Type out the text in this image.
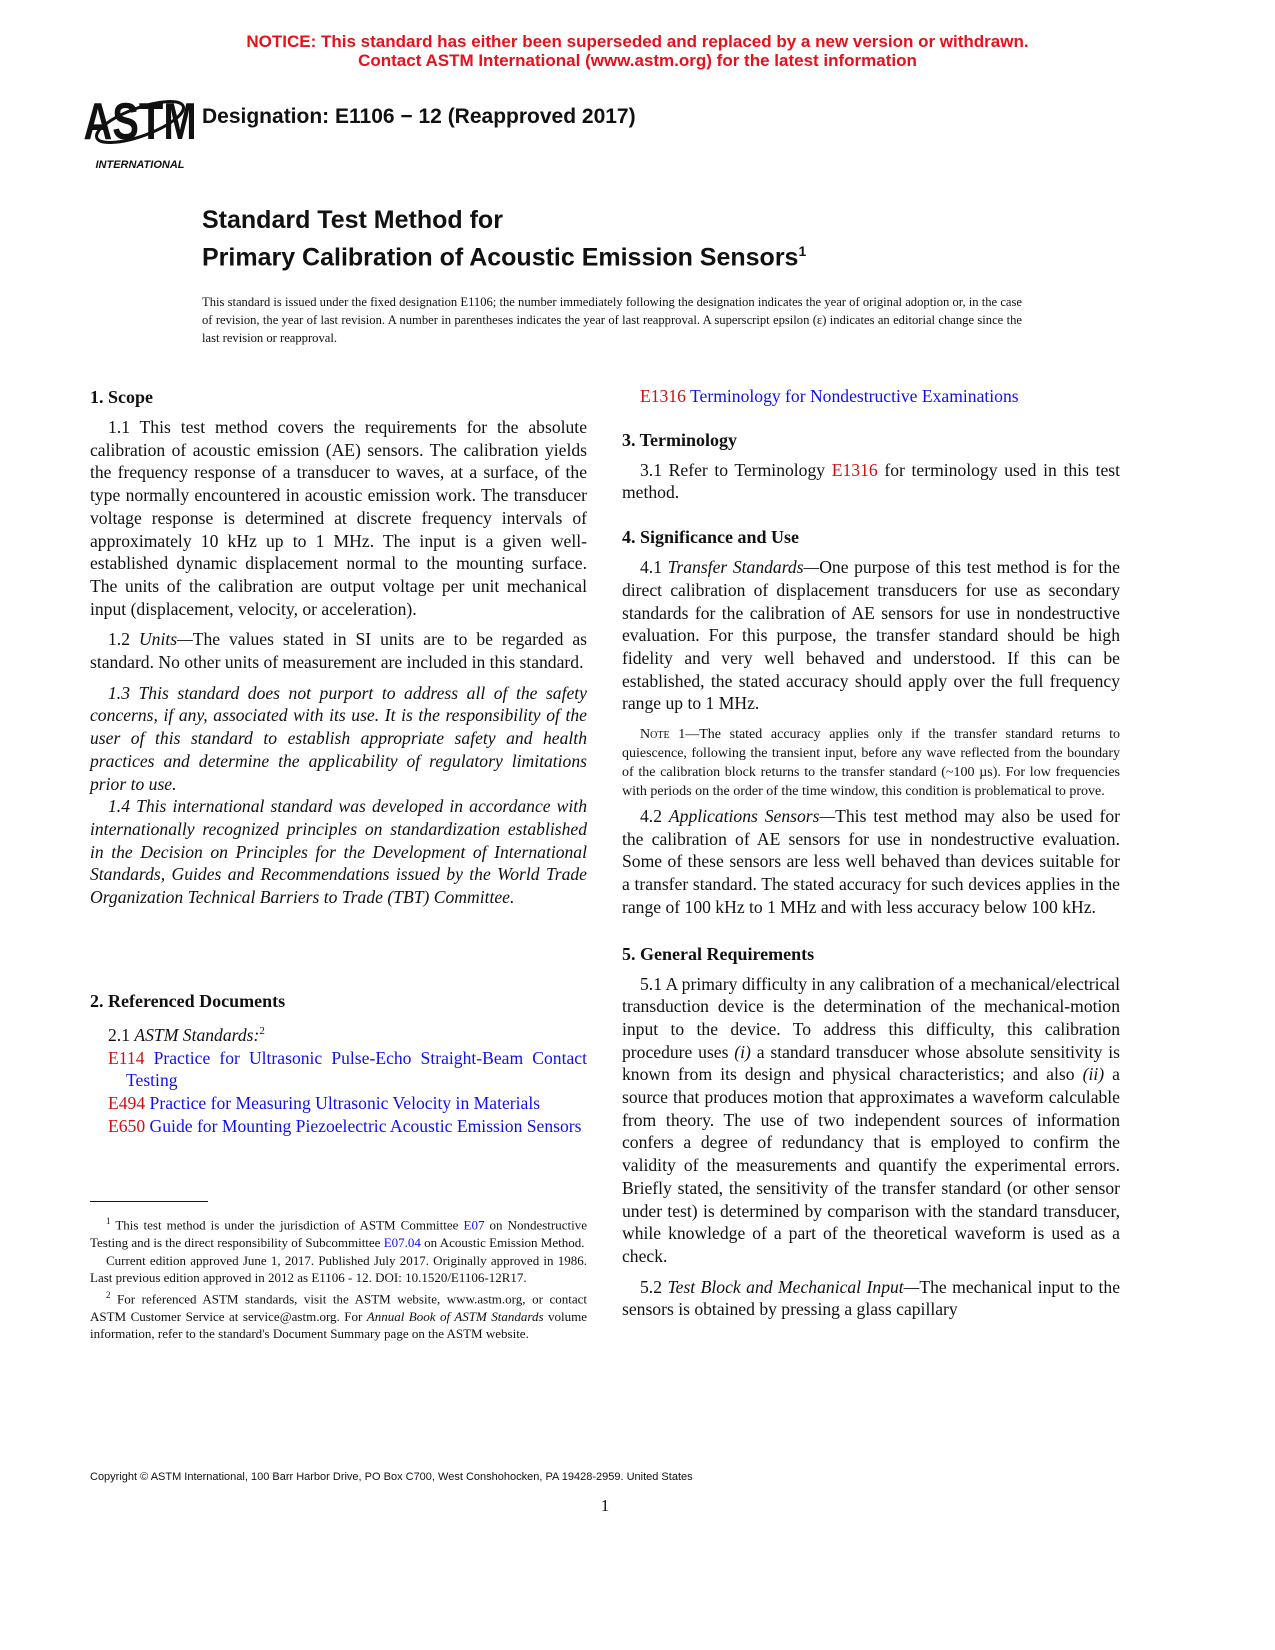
NOTICE: This standard has either been superseded and replaced by a new version or withdrawn.
Contact ASTM International (www.astm.org) for the latest information
ASTM
INTERNATIONAL
Designation: E1106 − 12 (Reapproved 2017)
Standard Test Method for
Primary Calibration of Acoustic Emission Sensors$^1$
This standard is issued under the fixed designation E1106; the number immediately following the designation indicates the year of original adoption or, in the case of revision, the year of last revision. A number in parentheses indicates the year of last reapproval. A superscript epsilon (ε) indicates an editorial change since the last revision or reapproval.
1. Scope

1.1 This test method covers the requirements for the absolute calibration of acoustic emission (AE) sensors. The calibration yields the frequency response of a transducer to waves, at a surface, of the type normally encountered in acoustic emission work. The transducer voltage response is determined at discrete frequency intervals of approximately 10 kHz up to 1 MHz. The input is a given well-established dynamic displacement normal to the mounting surface. The units of the calibration are output voltage per unit mechanical input (displacement, velocity, or acceleration).

1.2 Units—The values stated in SI units are to be regarded as standard. No other units of measurement are included in this standard.

1.3 This standard does not purport to address all of the safety concerns, if any, associated with its use. It is the responsibility of the user of this standard to establish appropriate safety and health practices and determine the applicability of regulatory limitations prior to use.

1.4 This international standard was developed in accordance with internationally recognized principles on standardization established in the Decision on Principles for the Development of International Standards, Guides and Recommendations issued by the World Trade Organization Technical Barriers to Trade (TBT) Committee.

2. Referenced Documents

2.1 ASTM Standards:$^2$

E114 Practice for Ultrasonic Pulse-Echo Straight-Beam Contact Testing

E494 Practice for Measuring Ultrasonic Velocity in Materials

E650 Guide for Mounting Piezoelectric Acoustic Emission Sensors

$^1$ This test method is under the jurisdiction of ASTM Committee E07 on Nondestructive Testing and is the direct responsibility of Subcommittee E07.04 on Acoustic Emission Method.

Current edition approved June 1, 2017. Published July 2017. Originally approved in 1986. Last previous edition approved in 2012 as E1106 - 12. DOI: 10.1520/E1106-12R17.

$^2$ For referenced ASTM standards, visit the ASTM website, www.astm.org, or contact ASTM Customer Service at service@astm.org. For Annual Book of ASTM Standards volume information, refer to the standard's Document Summary page on the ASTM website.

E1316 Terminology for Nondestructive Examinations

3. Terminology

3.1 Refer to Terminology E1316 for terminology used in this test method.

4. Significance and Use

4.1 Transfer Standards—One purpose of this test method is for the direct calibration of displacement transducers for use as secondary standards for the calibration of AE sensors for use in nondestructive evaluation. For this purpose, the transfer standard should be high fidelity and very well behaved and understood. If this can be established, the stated accuracy should apply over the full frequency range up to 1 MHz.

Note 1—The stated accuracy applies only if the transfer standard returns to quiescence, following the transient input, before any wave reflected from the boundary of the calibration block returns to the transfer standard (~100 µs). For low frequencies with periods on the order of the time window, this condition is problematical to prove.

4.2 Applications Sensors—This test method may also be used for the calibration of AE sensors for use in nondestructive evaluation. Some of these sensors are less well behaved than devices suitable for a transfer standard. The stated accuracy for such devices applies in the range of 100 kHz to 1 MHz and with less accuracy below 100 kHz.

5. General Requirements

5.1 A primary difficulty in any calibration of a mechanical/electrical transduction device is the determination of the mechanical-motion input to the device. To address this difficulty, this calibration procedure uses (i) a standard transducer whose absolute sensitivity is known from its design and physical characteristics; and also (ii) a source that produces motion that approximates a waveform calculable from theory. The use of two independent sources of information confers a degree of redundancy that is employed to confirm the validity of the measurements and quantify the experimental errors. Briefly stated, the sensitivity of the transfer standard (or other sensor under test) is determined by comparison with the standard transducer, while knowledge of a part of the theoretical waveform is used as a check.

5.2 Test Block and Mechanical Input—The mechanical input to the sensors is obtained by pressing a glass capillary

Copyright © ASTM International, 100 Barr Harbor Drive, PO Box C700, West Conshohocken, PA 19428-2959. United States
1
